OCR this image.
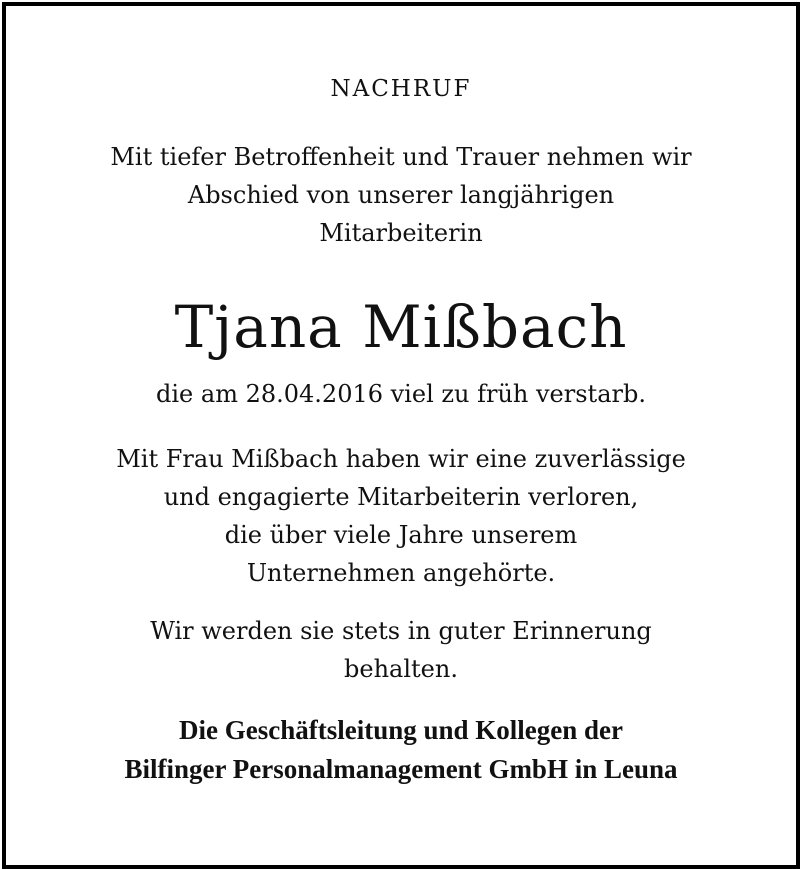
NACHRUF
Mit tiefer Betroffenheit und Trauer nehmen wir
Abschied von unserer langjährigen
Mitarbeiterin
Tjana Mißbach
die am 28.04.2016 viel zu früh verstarb.
Mit Frau Mißbach haben wir eine zuverlässige
und engagierte Mitarbeiterin verloren,
die über viele Jahre unserem
Unternehmen angehörte.
Wir werden sie stets in guter Erinnerung
behalten.
Die Geschäftsleitung und Kollegen der
Bilfinger Personalmanagement GmbH in Leuna
